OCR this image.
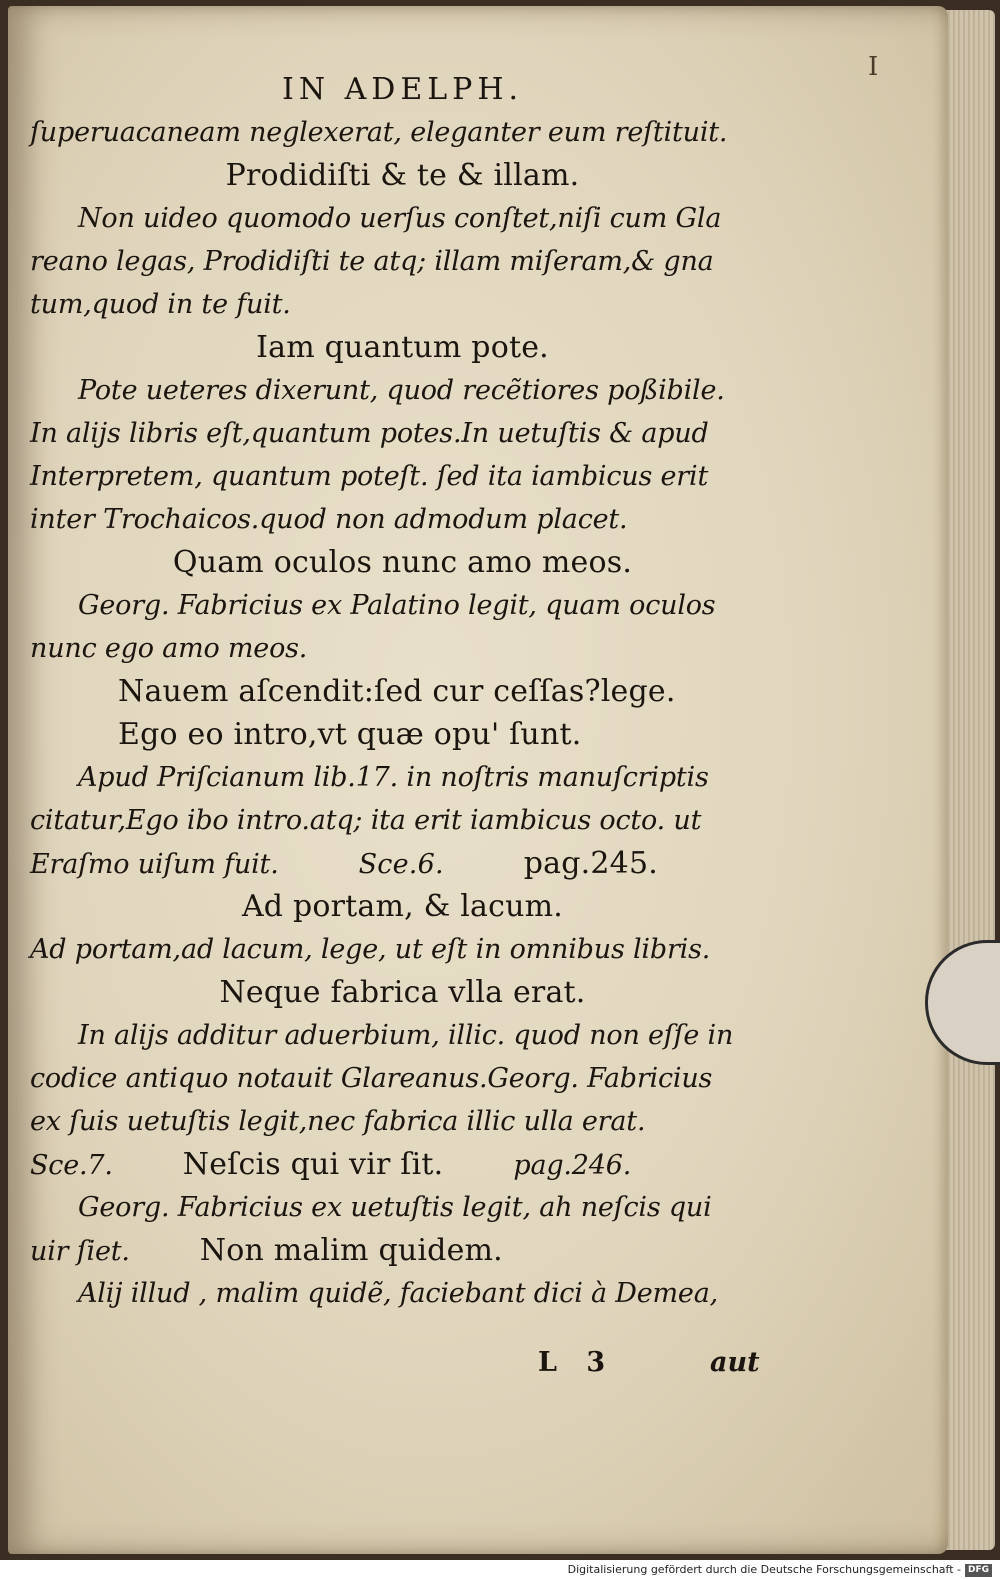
I
IN ADELPH.
ſuperuacaneam neglexerat, eleganter eum reſtituit.
Prodidiſti & te & illam.
Non uideo quomodo uerſus conſtet,niſi cum Gla
reano legas, Prodidiſti te atq; illam miſeram,& gna
tum,quod in te fuit.
Iam quantum pote.
Pote ueteres dixerunt, quod recẽtiores poßibile.
In alijs libris eſt,quantum potes.In uetuſtis & apud
Interpretem, quantum poteſt. ſed ita iambicus erit
inter Trochaicos.quod non admodum placet.
Quam oculos nunc amo meos.
Georg. Fabricius ex Palatino legit, quam oculos
nunc ego amo meos.
Nauem aſcendit:ſed cur ceſſas?lege.
Ego eo intro,vt quæ opu' ſunt.
Apud Priſcianum lib.17. in noſtris manuſcriptis
citatur,Ego ibo intro.atq; ita erit iambicus octo. ut
Eraſmo uiſum fuit.	Sce.6.	pag.245.
Ad portam, & lacum.
Ad portam,ad lacum, lege, ut eſt in omnibus libris.
Neque fabrica vlla erat.
In alijs additur aduerbium, illic. quod non eſſe in
codice antiquo notauit Glareanus.Georg. Fabricius
ex ſuis uetuſtis legit,nec fabrica illic ulla erat.
Sce.7. Neſcis qui vir ſit.	pag.246.
Georg. Fabricius ex uetuſtis legit, ah neſcis qui
uir ſiet. Non malim quidem.
Alij illud , malim quidẽ, faciebant dici à Demea,
L 3	aut
Digitalisierung gefördert durch die Deutsche Forschungsgemeinschaft - DFG
